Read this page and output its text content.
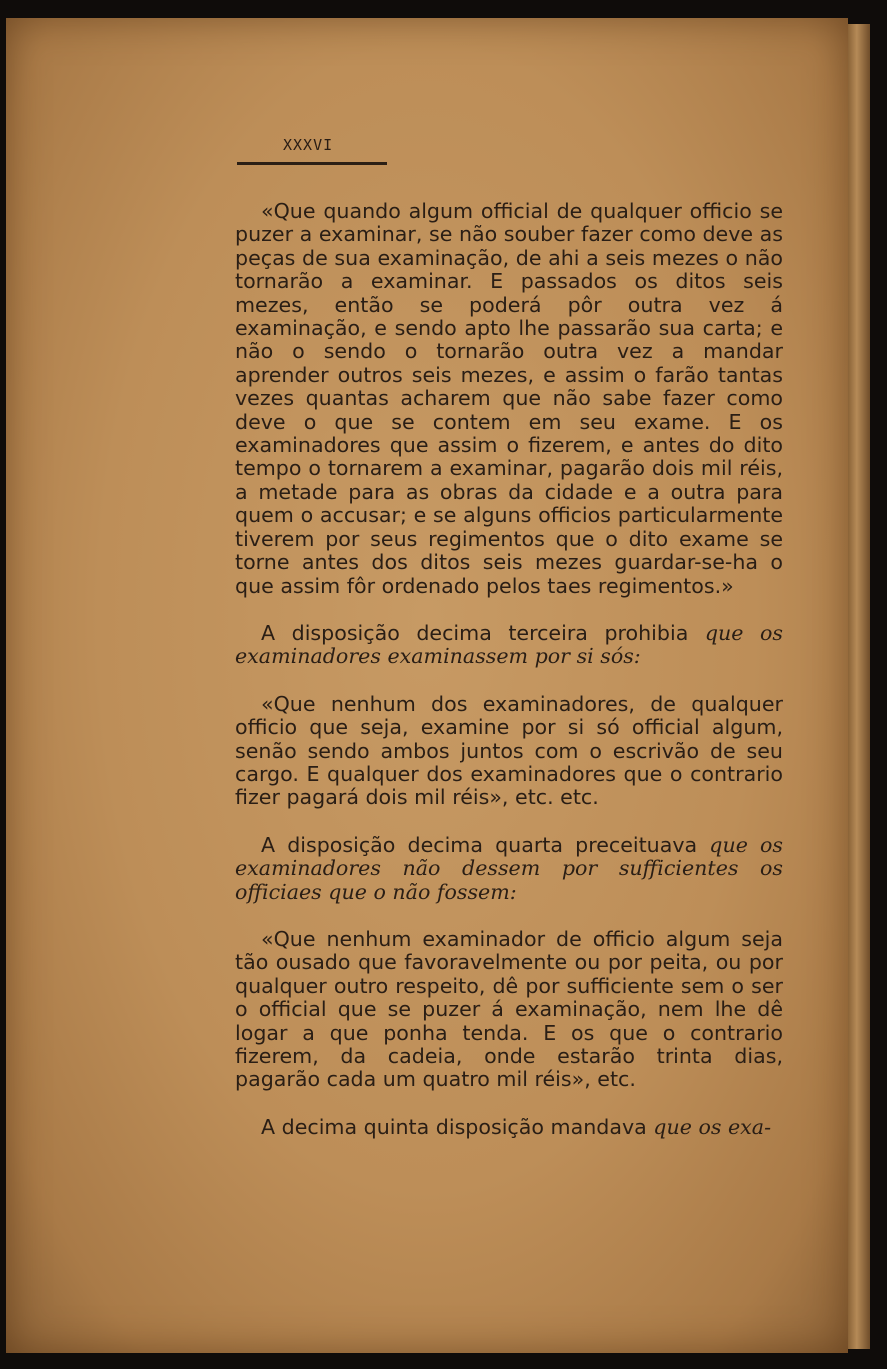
XXXVI

«Que quando algum official de qualquer officio se puzer a examinar, se não souber fazer como deve as peças de sua examinação, de ahi a seis mezes o não tornarão a examinar. E passados os ditos seis mezes, então se poderá pôr outra vez á examinação, e sendo apto lhe passarão sua carta; e não o sendo o tornarão outra vez a mandar aprender outros seis mezes, e assim o farão tantas vezes quantas acharem que não sabe fazer como deve o que se contem em seu exame. E os examinadores que assim o fizerem, e antes do dito tempo o tornarem a examinar, pagarão dois mil réis, a metade para as obras da cidade e a outra para quem o accusar; e se alguns officios particularmente tiverem por seus regimentos que o dito exame se torne antes dos ditos seis mezes guardar-se-ha o que assim fôr ordenado pelos taes regimentos.»

A disposição decima terceira prohibia que os examinadores examinassem por si sós:

«Que nenhum dos examinadores, de qualquer officio que seja, examine por si só official algum, senão sendo ambos juntos com o escrivão de seu cargo. E qualquer dos examinadores que o contrario fizer pagará dois mil réis», etc. etc.

A disposição decima quarta preceituava que os examinadores não dessem por sufficientes os officiaes que o não fossem:

«Que nenhum examinador de officio algum seja tão ousado que favoravelmente ou por peita, ou por qualquer outro respeito, dê por sufficiente sem o ser o official que se puzer á examinação, nem lhe dê logar a que ponha tenda. E os que o contrario fizerem, da cadeia, onde estarão trinta dias, pagarão cada um quatro mil réis», etc.

A decima quinta disposição mandava que os exa-
